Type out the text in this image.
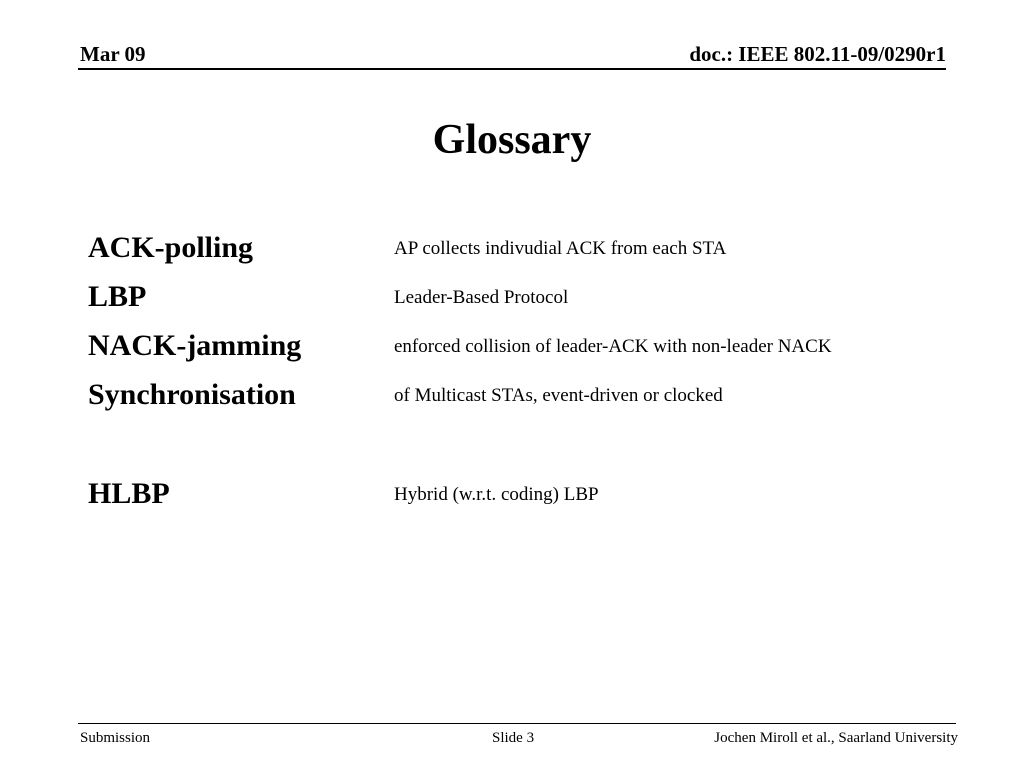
Mar 09	doc.: IEEE 802.11-09/0290r1
Glossary
ACK-polling	AP collects indivudial ACK from each STA
LBP	Leader-Based Protocol
NACK-jamming	enforced collision of leader-ACK with non-leader NACK
Synchronisation	of Multicast STAs, event-driven or clocked
HLBP	Hybrid (w.r.t. coding) LBP
Submission	Slide 3	Jochen Miroll et al., Saarland University
